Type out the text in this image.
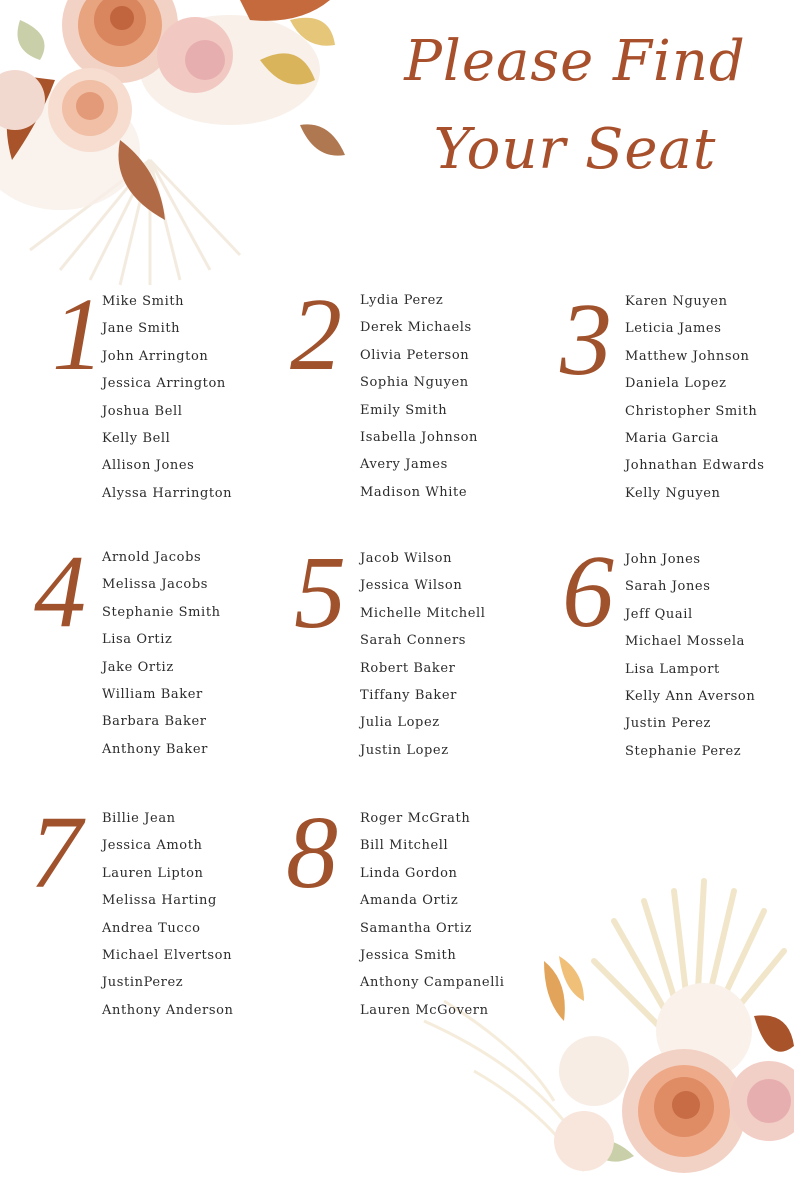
Please Find
Your Seat
1
Mike Smith
Jane Smith
John Arrington
Jessica Arrington
Joshua Bell
Kelly Bell
Allison Jones
Alyssa Harrington
2 Lydia Perez
Derek Michaels
Olivia Peterson
Sophia Nguyen
Emily Smith
Isabella Johnson
Avery James
Madison White
3 Karen Nguyen
Leticia James
Matthew Johnson
Daniela Lopez
Christopher Smith
Maria Garcia
Johnathan Edwards
Kelly Nguyen
4 Arnold Jacobs
Melissa Jacobs
Stephanie Smith
Lisa Ortiz
Jake Ortiz
William Baker
Barbara Baker
Anthony Baker
5 Jacob Wilson
Jessica Wilson
Michelle Mitchell
Sarah Conners
Robert Baker
Tiffany Baker
Julia Lopez
Justin Lopez
6 John Jones
Sarah Jones
Jeff Quail
Michael Mossela
Lisa Lamport
Kelly Ann Averson
Justin Perez
Stephanie Perez
7 Billie Jean
Jessica Amoth
Lauren Lipton
Melissa Harting
Andrea Tucco
Michael Elvertson
JustinPerez
Anthony Anderson
8 Roger McGrath
Bill Mitchell
Linda Gordon
Amanda Ortiz
Samantha Ortiz
Jessica Smith
Anthony Campanelli
Lauren McGovern
